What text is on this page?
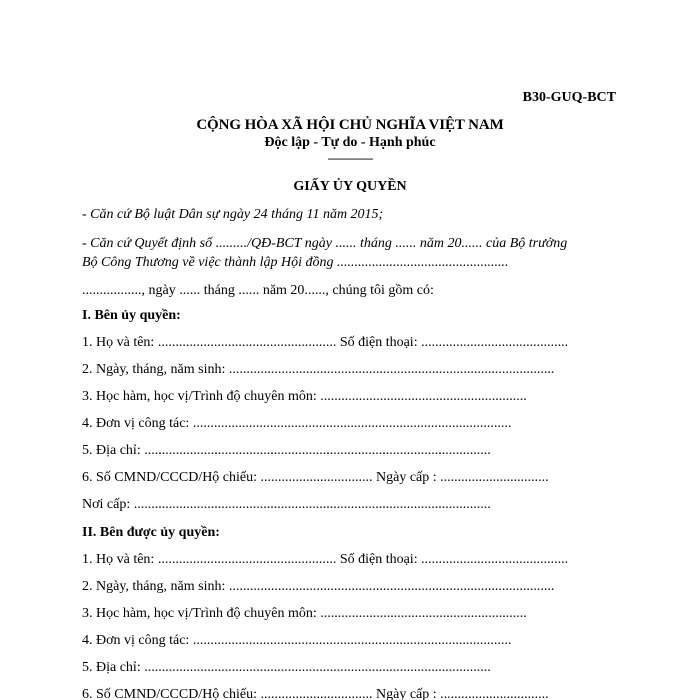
B30-GUQ-BCT
CỘNG HÒA XÃ HỘI CHỦ NGHĨA VIỆT NAM
Độc lập - Tự do - Hạnh phúc
---------------
GIẤY ỦY QUYỀN
- Căn cứ Bộ luật Dân sự ngày 24 tháng 11 năm 2015;
- Căn cứ Quyết định số ........./QĐ-BCT ngày ...... tháng ...... năm 20...... của Bộ trưởng
Bộ Công Thương về việc thành lập Hội đồng .................................................
................., ngày ...... tháng ...... năm 20......, chúng tôi gồm có:
I. Bên ủy quyền:
1. Họ và tên: ................................................... Số điện thoại: ..........................................
2. Ngày, tháng, năm sinh: .............................................................................................
3. Học hàm, học vị/Trình độ chuyên môn: ...........................................................
4. Đơn vị công tác: ...........................................................................................
5. Địa chỉ: ...................................................................................................
6. Số CMND/CCCD/Hộ chiếu: ................................ Ngày cấp : ...............................
Nơi cấp: ......................................................................................................
II. Bên được ủy quyền:
1. Họ và tên: ................................................... Số điện thoại: ..........................................
2. Ngày, tháng, năm sinh: .............................................................................................
3. Học hàm, học vị/Trình độ chuyên môn: ...........................................................
4. Đơn vị công tác: ...........................................................................................
5. Địa chỉ: ...................................................................................................
6. Số CMND/CCCD/Hộ chiếu: ................................ Ngày cấp : ...............................
